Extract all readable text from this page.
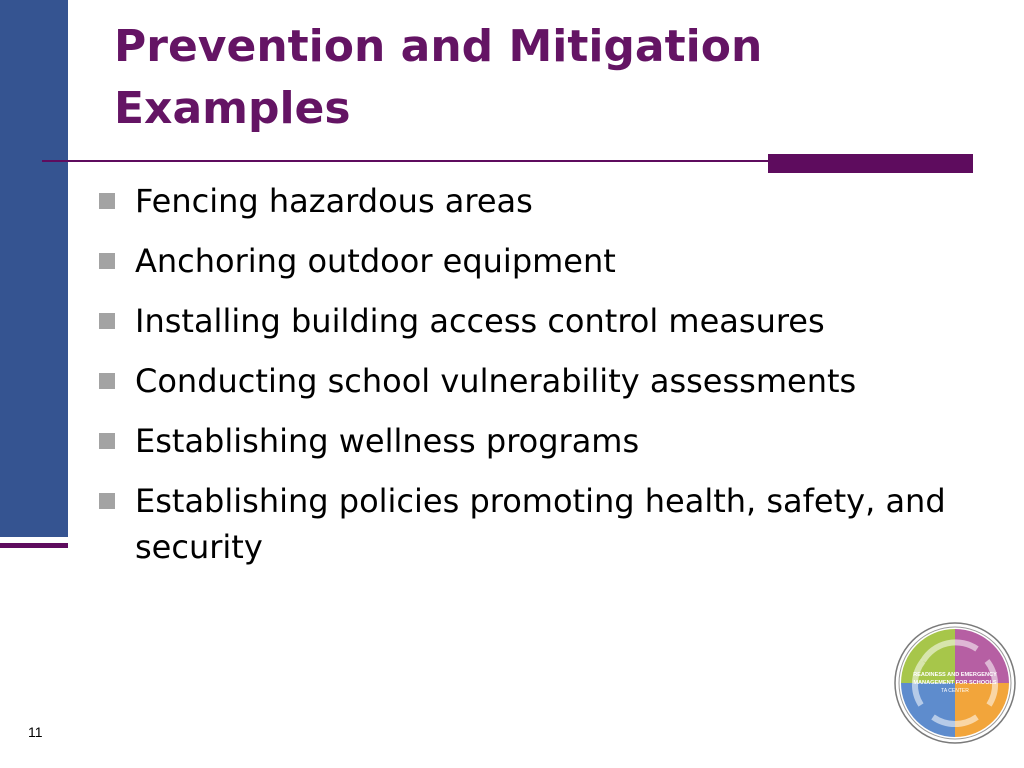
Prevention and Mitigation Examples
Fencing hazardous areas
Anchoring outdoor equipment
Installing building access control measures
Conducting school vulnerability assessments
Establishing wellness programs
Establishing policies promoting health, safety, and security
11
READINESS AND EMERGENCY
MANAGEMENT FOR SCHOOLS
TA CENTER
